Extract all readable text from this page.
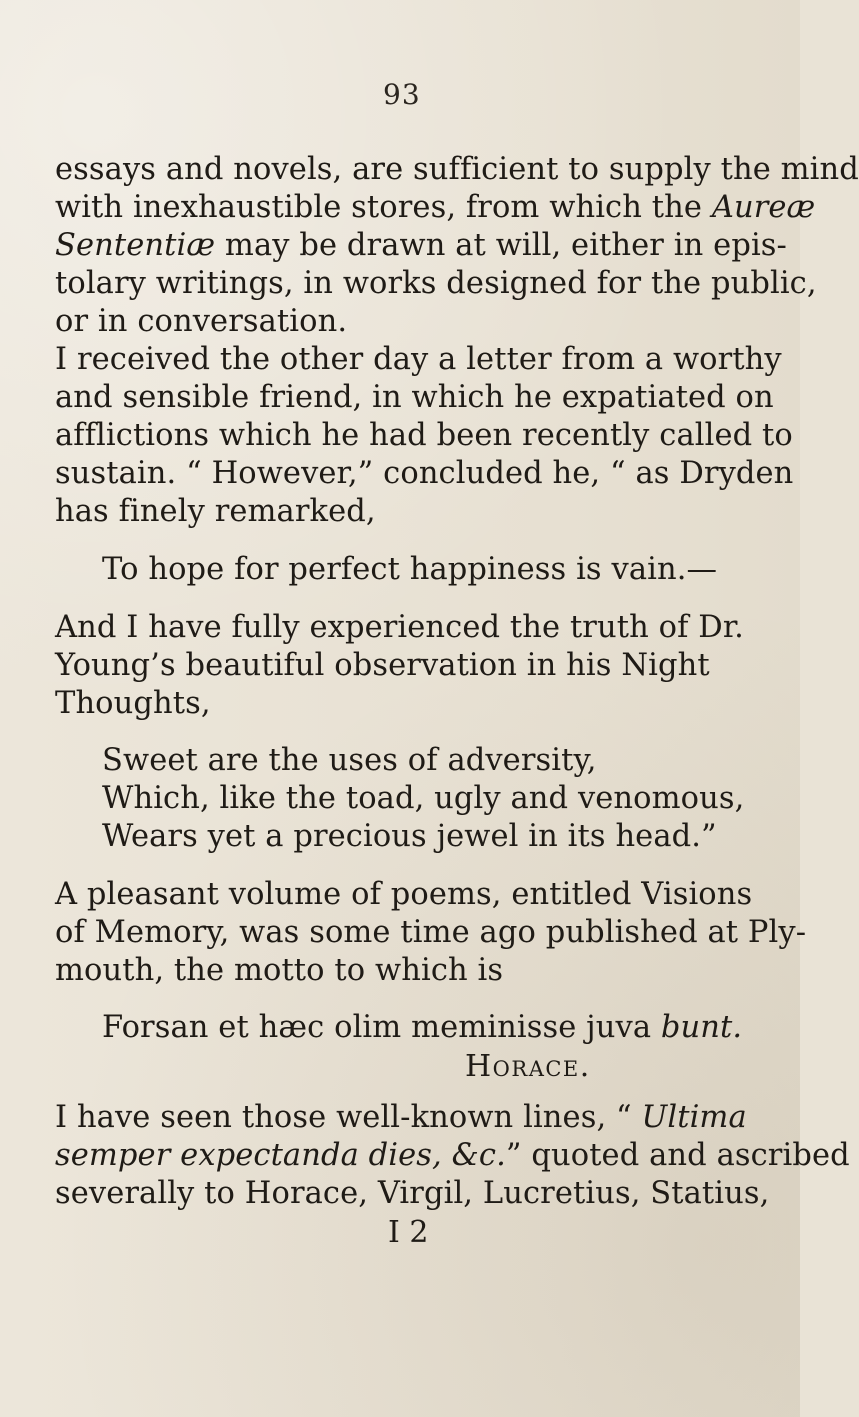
93
essays and novels, are sufficient to supply the mind
with inexhaustible stores, from which the Aureæ
Sententiæ may be drawn at will, either in epis-
tolary writings, in works designed for the public,
or in conversation.
I received the other day a letter from a worthy
and sensible friend, in which he expatiated on
afflictions which he had been recently called to
sustain. “ However,” concluded he, “ as Dryden
has finely remarked,
To hope for perfect happiness is vain.—
And I have fully experienced the truth of Dr.
Young’s beautiful observation in his Night
Thoughts,
Sweet are the uses of adversity,
Which, like the toad, ugly and venomous,
Wears yet a precious jewel in its head.”
A pleasant volume of poems, entitled Visions
of Memory, was some time ago published at Ply-
mouth, the motto to which is
Forsan et hæc olim meminisse juva bunt.
Horace.
I have seen those well-known lines, “ Ultima
semper expectanda dies, &c.” quoted and ascribed
severally to Horace, Virgil, Lucretius, Statius,
I 2
